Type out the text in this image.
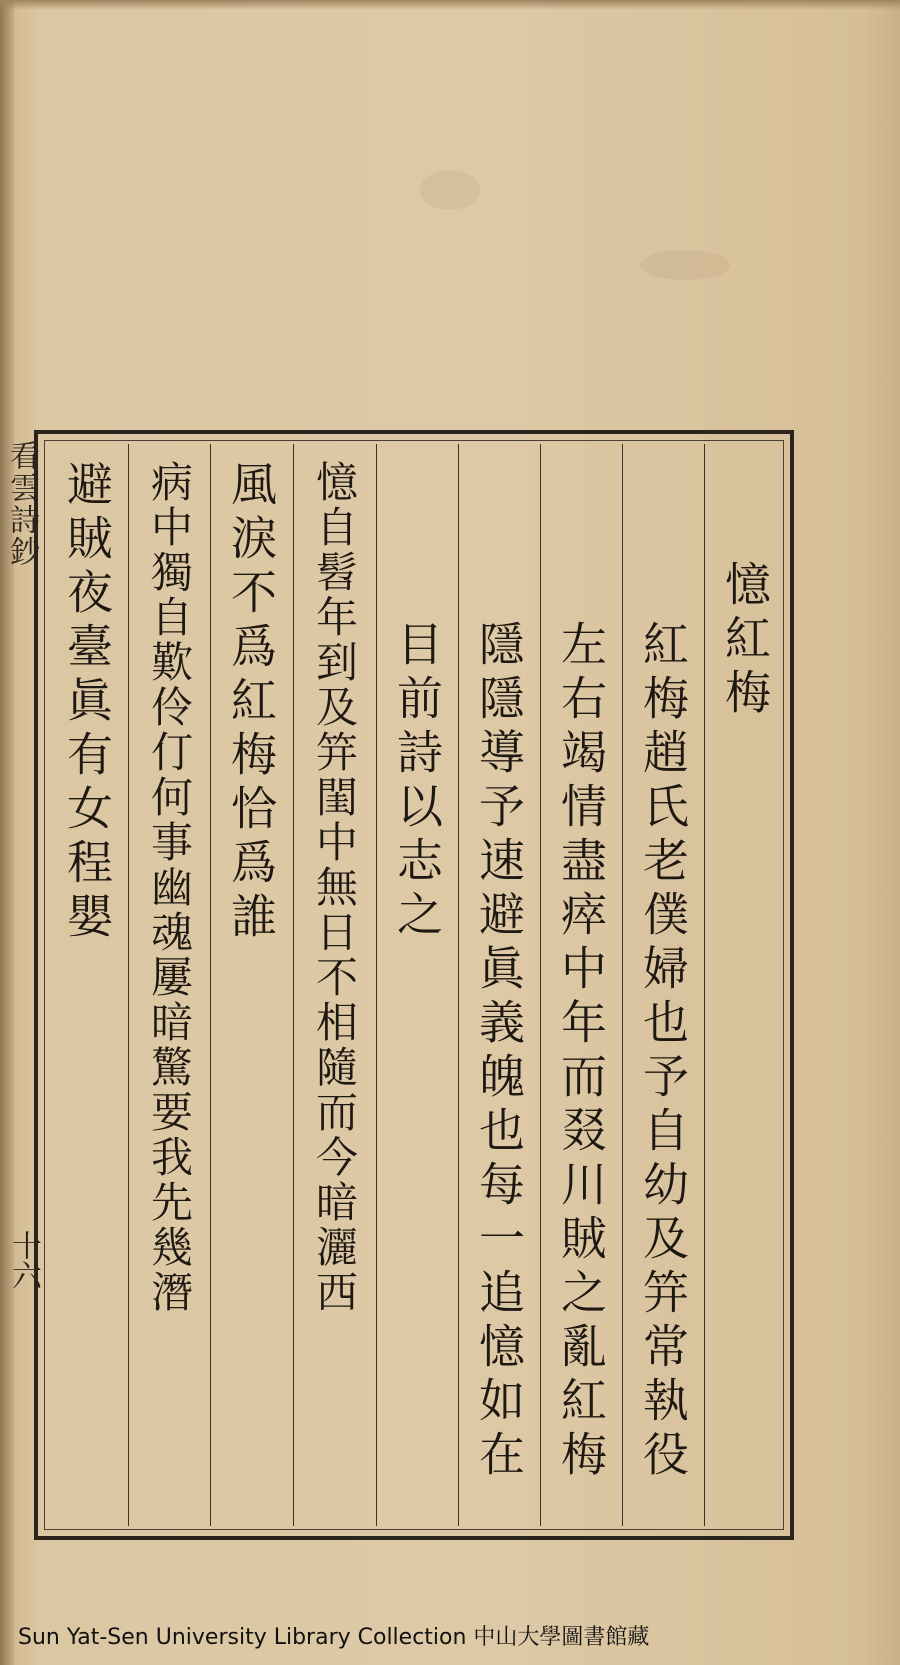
看雲詩鈔
十六
憶紅梅
紅梅趙氏老僕婦也予自幼及笄常執役
左右竭情盡瘁中年而叕川賊之亂紅梅
隱隱導予速避眞義魄也每一追憶如在
目前詩以志之
憶自髫年到及笄閨中無日不相隨而今暗灑西
風淚不爲紅梅恰爲誰
病中獨自歎伶仃何事幽魂屢暗驚要我先幾潛
避賊夜臺眞有女程嬰
Sun Yat-Sen University Library Collection 中山大學圖書館藏
